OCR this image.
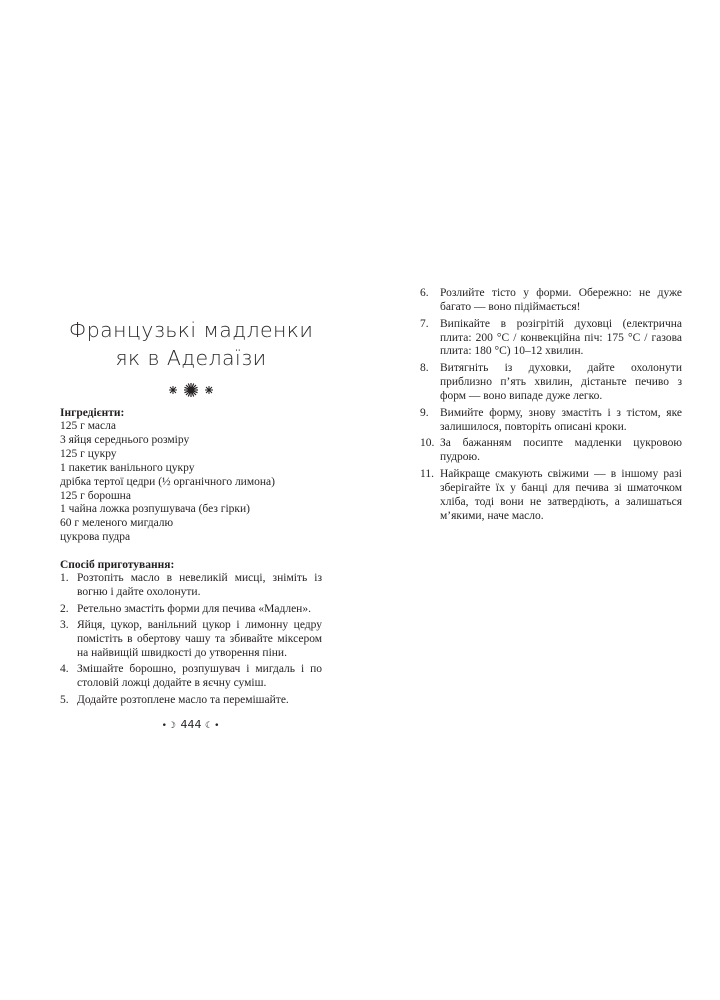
Французькі мадленки
як в Аделаїзи

Інгредієнти:

125 г масла
3 яйця середнього розміру
125 г цукру
1 пакетик ванільного цукру
дрібка тертої цедри (½ органічного лимона)
125 г борошна
1 чайна ложка розпушувача (без гірки)
60 г меленого мигдалю
цукрова пудра

Спосіб приготування:

1. Розтопіть масло в невеликій мисці, зніміть із вогню і дайте охолонути.
2. Ретельно змастіть форми для печива «Мадлен».
3. Яйця, цукор, ванільний цукор і лимонну цедру помістіть в обертову чашу та збивайте міксером на найвищій швидкості до утворення піни.
4. Змішайте борошно, розпушувач і мигдаль і по столовій ложці додайте в яєчну суміш.
5. Додайте розтоплене масло та перемішайте.
6. Розлийте тісто у форми. Обережно: не дуже багато — воно підіймається!
7. Випікайте в розігрітій духовці (електрична плита: 200 °C / конвекційна піч: 175 °C / газова плита: 180 °C) 10–12 хвилин.
8. Витягніть із духовки, дайте охолонути приблизно п’ять хвилин, дістаньте печиво з форм — воно випаде дуже легко.
9. Вимийте форму, знову змастіть і з тістом, яке залишилося, повторіть описані кроки.
10. За бажанням посипте мадленки цукровою пудрою.
11. Найкраще смакують свіжими — в іншому разі зберігайте їх у банці для печива зі шматочком хліба, тоді вони не затвердіють, а залишаться м’якими, наче масло.
•☽ 444 ☾•
